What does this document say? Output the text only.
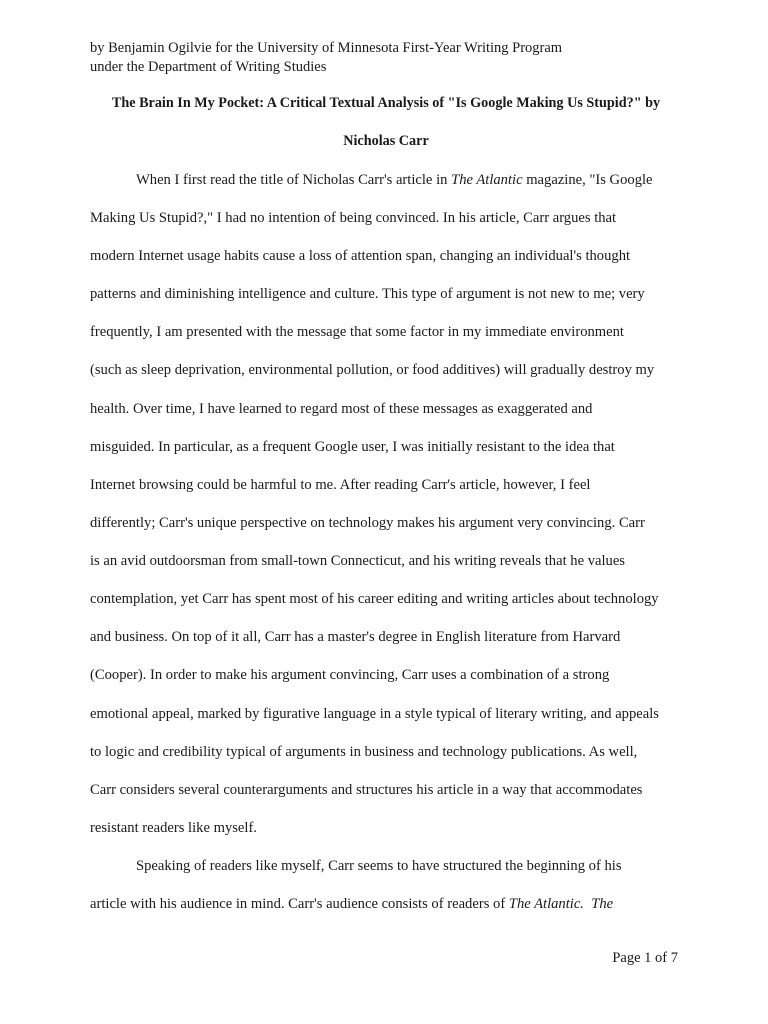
by Benjamin Ogilvie for the University of Minnesota First-Year Writing Program
under the Department of Writing Studies
The Brain In My Pocket: A Critical Textual Analysis of "Is Google Making Us Stupid?" by
Nicholas Carr
When I first read the title of Nicholas Carr's article in The Atlantic magazine, "Is Google
Making Us Stupid?," I had no intention of being convinced. In his article, Carr argues that
modern Internet usage habits cause a loss of attention span, changing an individual's thought
patterns and diminishing intelligence and culture. This type of argument is not new to me; very
frequently, I am presented with the message that some factor in my immediate environment
(such as sleep deprivation, environmental pollution, or food additives) will gradually destroy my
health. Over time, I have learned to regard most of these messages as exaggerated and
misguided. In particular, as a frequent Google user, I was initially resistant to the idea that
Internet browsing could be harmful to me. After reading Carr's article, however, I feel
differently; Carr's unique perspective on technology makes his argument very convincing. Carr
is an avid outdoorsman from small-town Connecticut, and his writing reveals that he values
contemplation, yet Carr has spent most of his career editing and writing articles about technology
and business. On top of it all, Carr has a master's degree in English literature from Harvard
(Cooper). In order to make his argument convincing, Carr uses a combination of a strong
emotional appeal, marked by figurative language in a style typical of literary writing, and appeals
to logic and credibility typical of arguments in business and technology publications. As well,
Carr considers several counterarguments and structures his article in a way that accommodates
resistant readers like myself.
Speaking of readers like myself, Carr seems to have structured the beginning of his
article with his audience in mind. Carr's audience consists of readers of The Atlantic. The
Page 1 of 7
